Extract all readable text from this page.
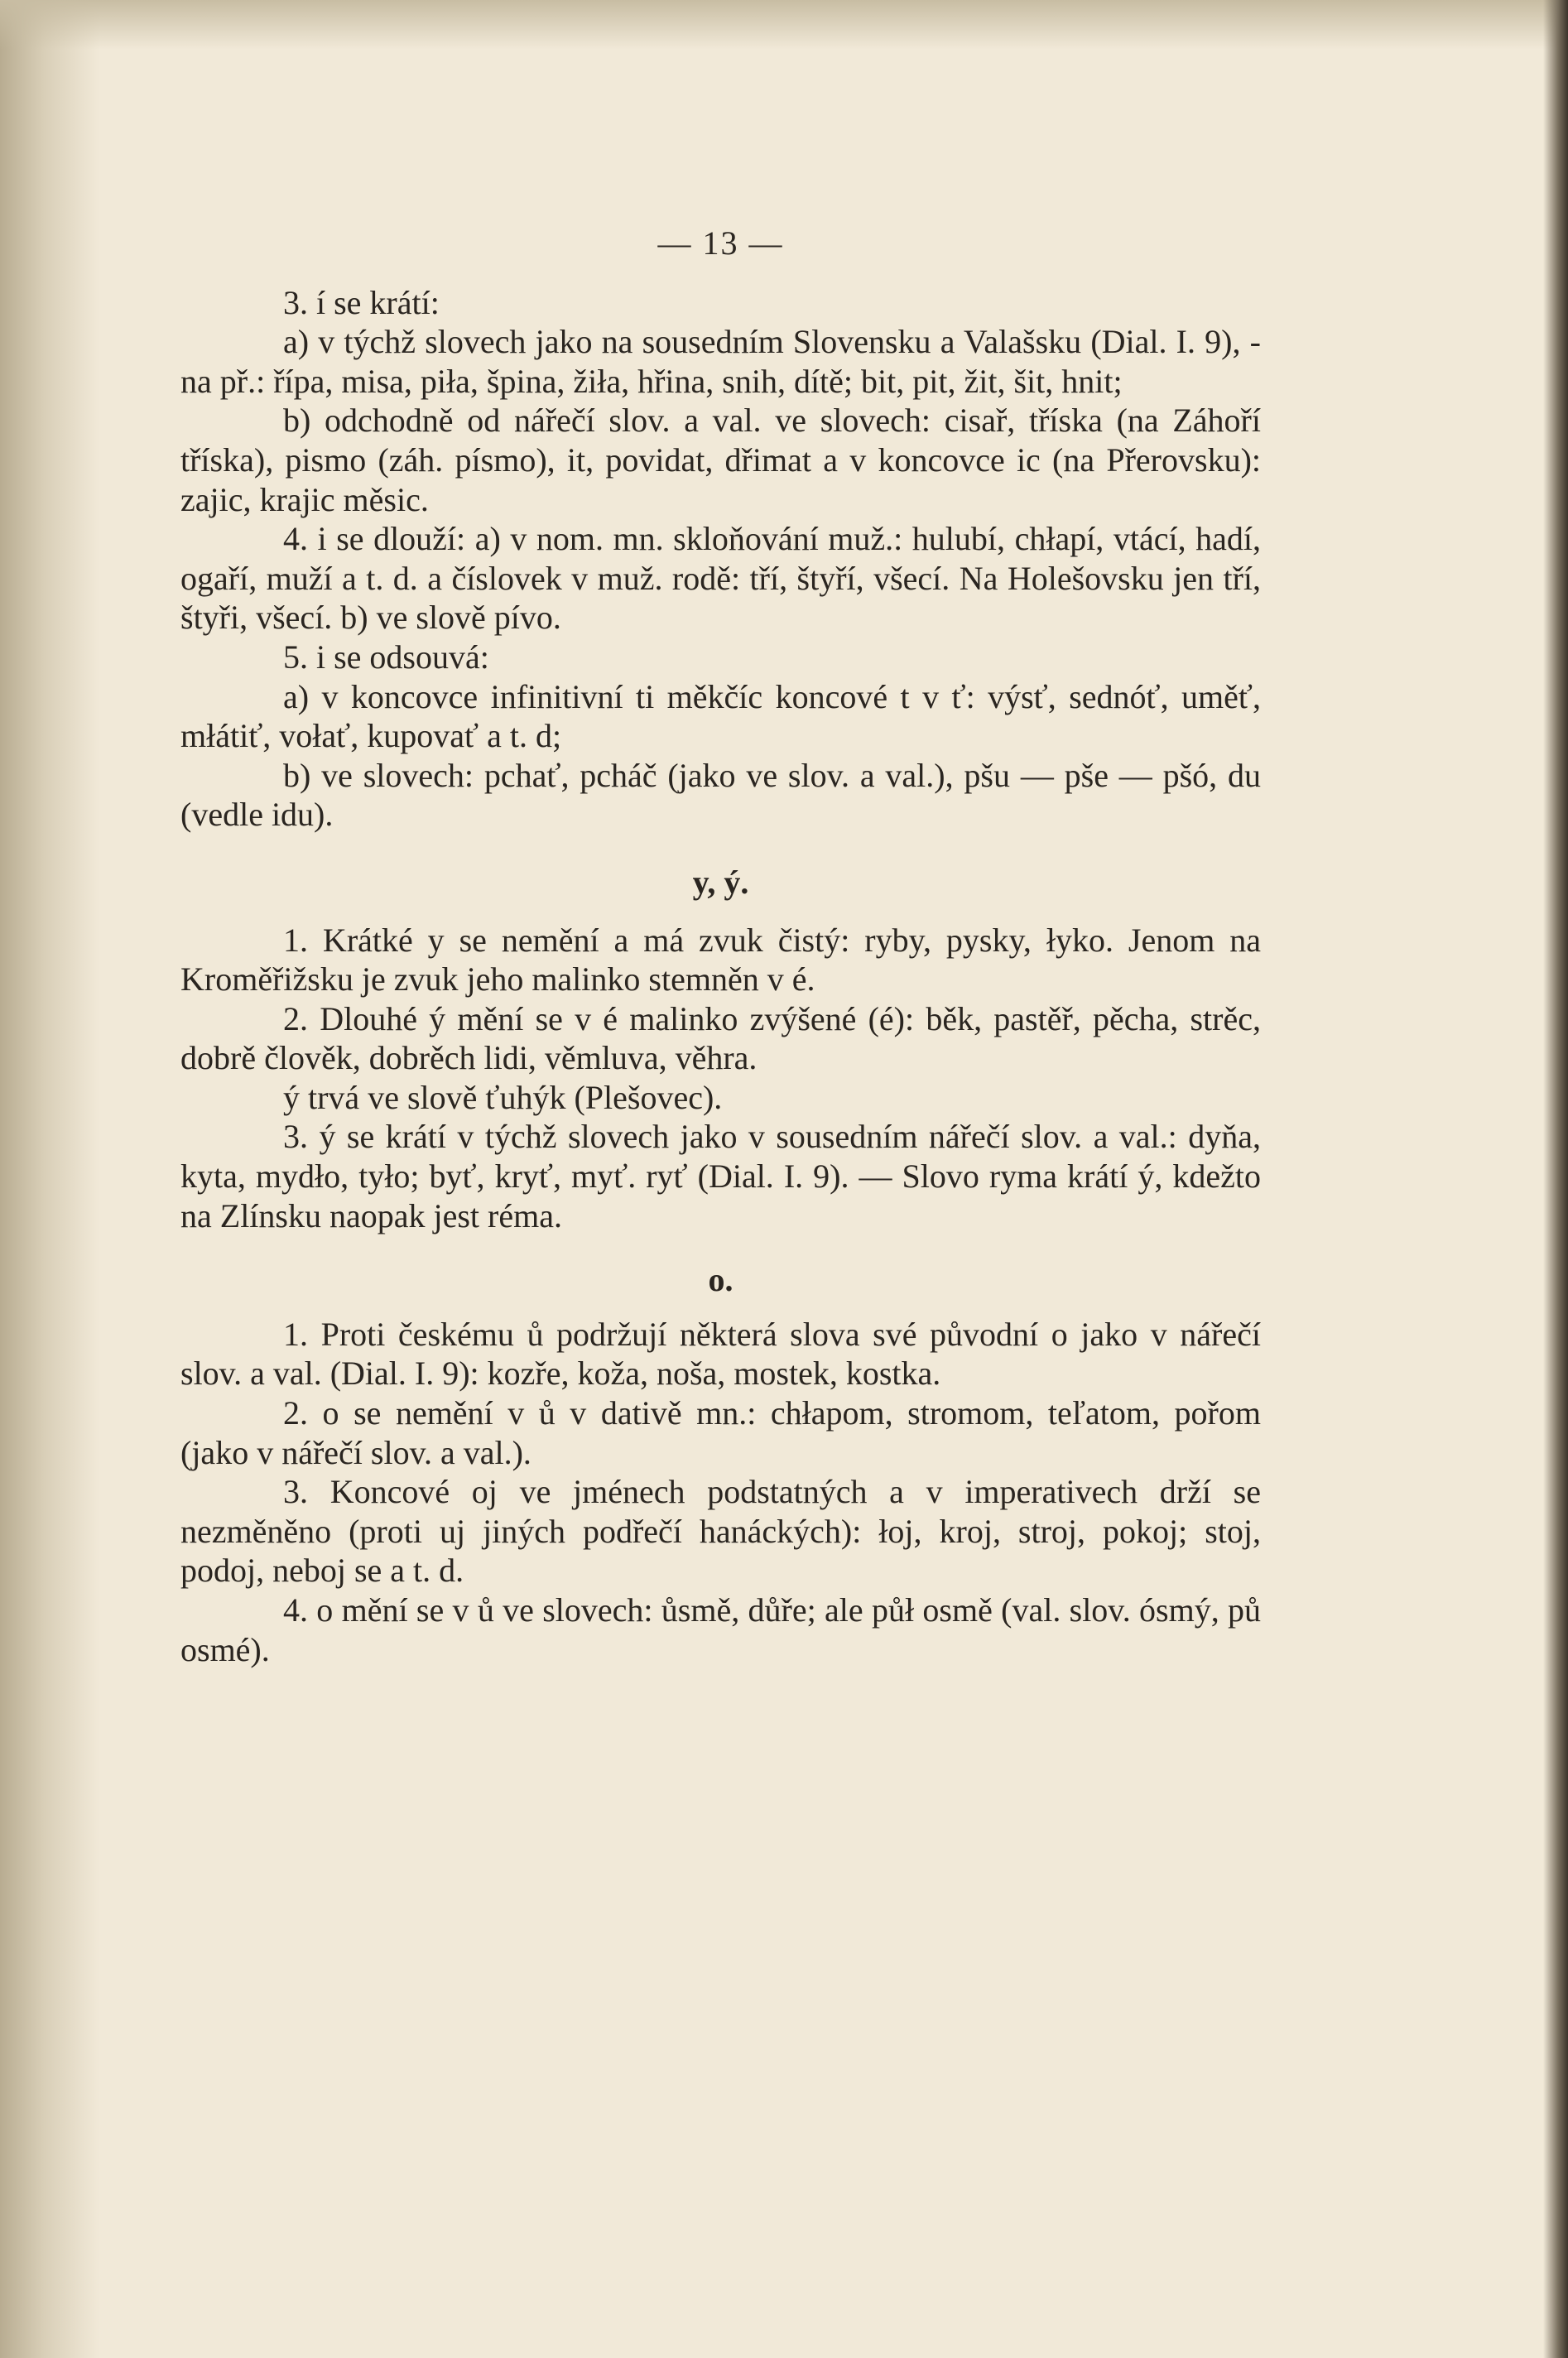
— 13 —

3. í se krátí:

a) v týchž slovech jako na sousedním Slovensku a Valašsku (Dial. I. 9), -na př.: řípa, misa, piła, špina, žiła, hřina, snih, dítě; bit, pit, žit, šit, hnit;

b) odchodně od nářečí slov. a val. ve slovech: cisař, tříska (na Záhoří tříska), pismo (záh. písmo), it, povidat, dřimat a v koncovce ic (na Přerovsku): zajic, krajic měsic.

4. i se dlouží: a) v nom. mn. skloňování muž.: hulubí, chłapí, vtácí, hadí, ogaří, muží a t. d. a číslovek v muž. rodě: tří, štyří, všecí. Na Holešovsku jen tří, štyři, všecí. b) ve slově pívo.

5. i se odsouvá:

a) v koncovce infinitivní ti měkčíc koncové t v ť: výsť, sednóť, uměť, młátiť, vołať, kupovať a t. d;

b) ve slovech: pchať, pcháč (jako ve slov. a val.), pšu — pše — pšó, du (vedle idu).

y, ý.

1. Krátké y se nemění a má zvuk čistý: ryby, pysky, łyko. Jenom na Kroměřižsku je zvuk jeho malinko stemněn v é.

2. Dlouhé ý mění se v é malinko zvýšené (é): běk, pastěř, pěcha, strěc, dobrě člověk, dobrěch lidi, věmluva, věhra.

ý trvá ve slově ťuhýk (Plešovec).

3. ý se krátí v týchž slovech jako v sousedním nářečí slov. a val.: dyňa, kyta, mydło, tyło; byť, kryť, myť. ryť (Dial. I. 9). — Slovo ryma krátí ý, kdežto na Zlínsku naopak jest réma.

o.

1. Proti českému ů podržují některá slova své původní o jako v nářečí slov. a val. (Dial. I. 9): kozře, koža, noša, mostek, kostka.

2. o se nemění v ů v dativě mn.: chłapom, stromom, teľatom, pořom (jako v nářečí slov. a val.).

3. Koncové oj ve jménech podstatných a v imperativech drží se nezměněno (proti uj jiných podřečí hanáckých): łoj, kroj, stroj, pokoj; stoj, podoj, neboj se a t. d.

4. o mění se v ů ve slovech: ůsmě, důře; ale půł osmě (val. slov. ósmý, pů osmé).
